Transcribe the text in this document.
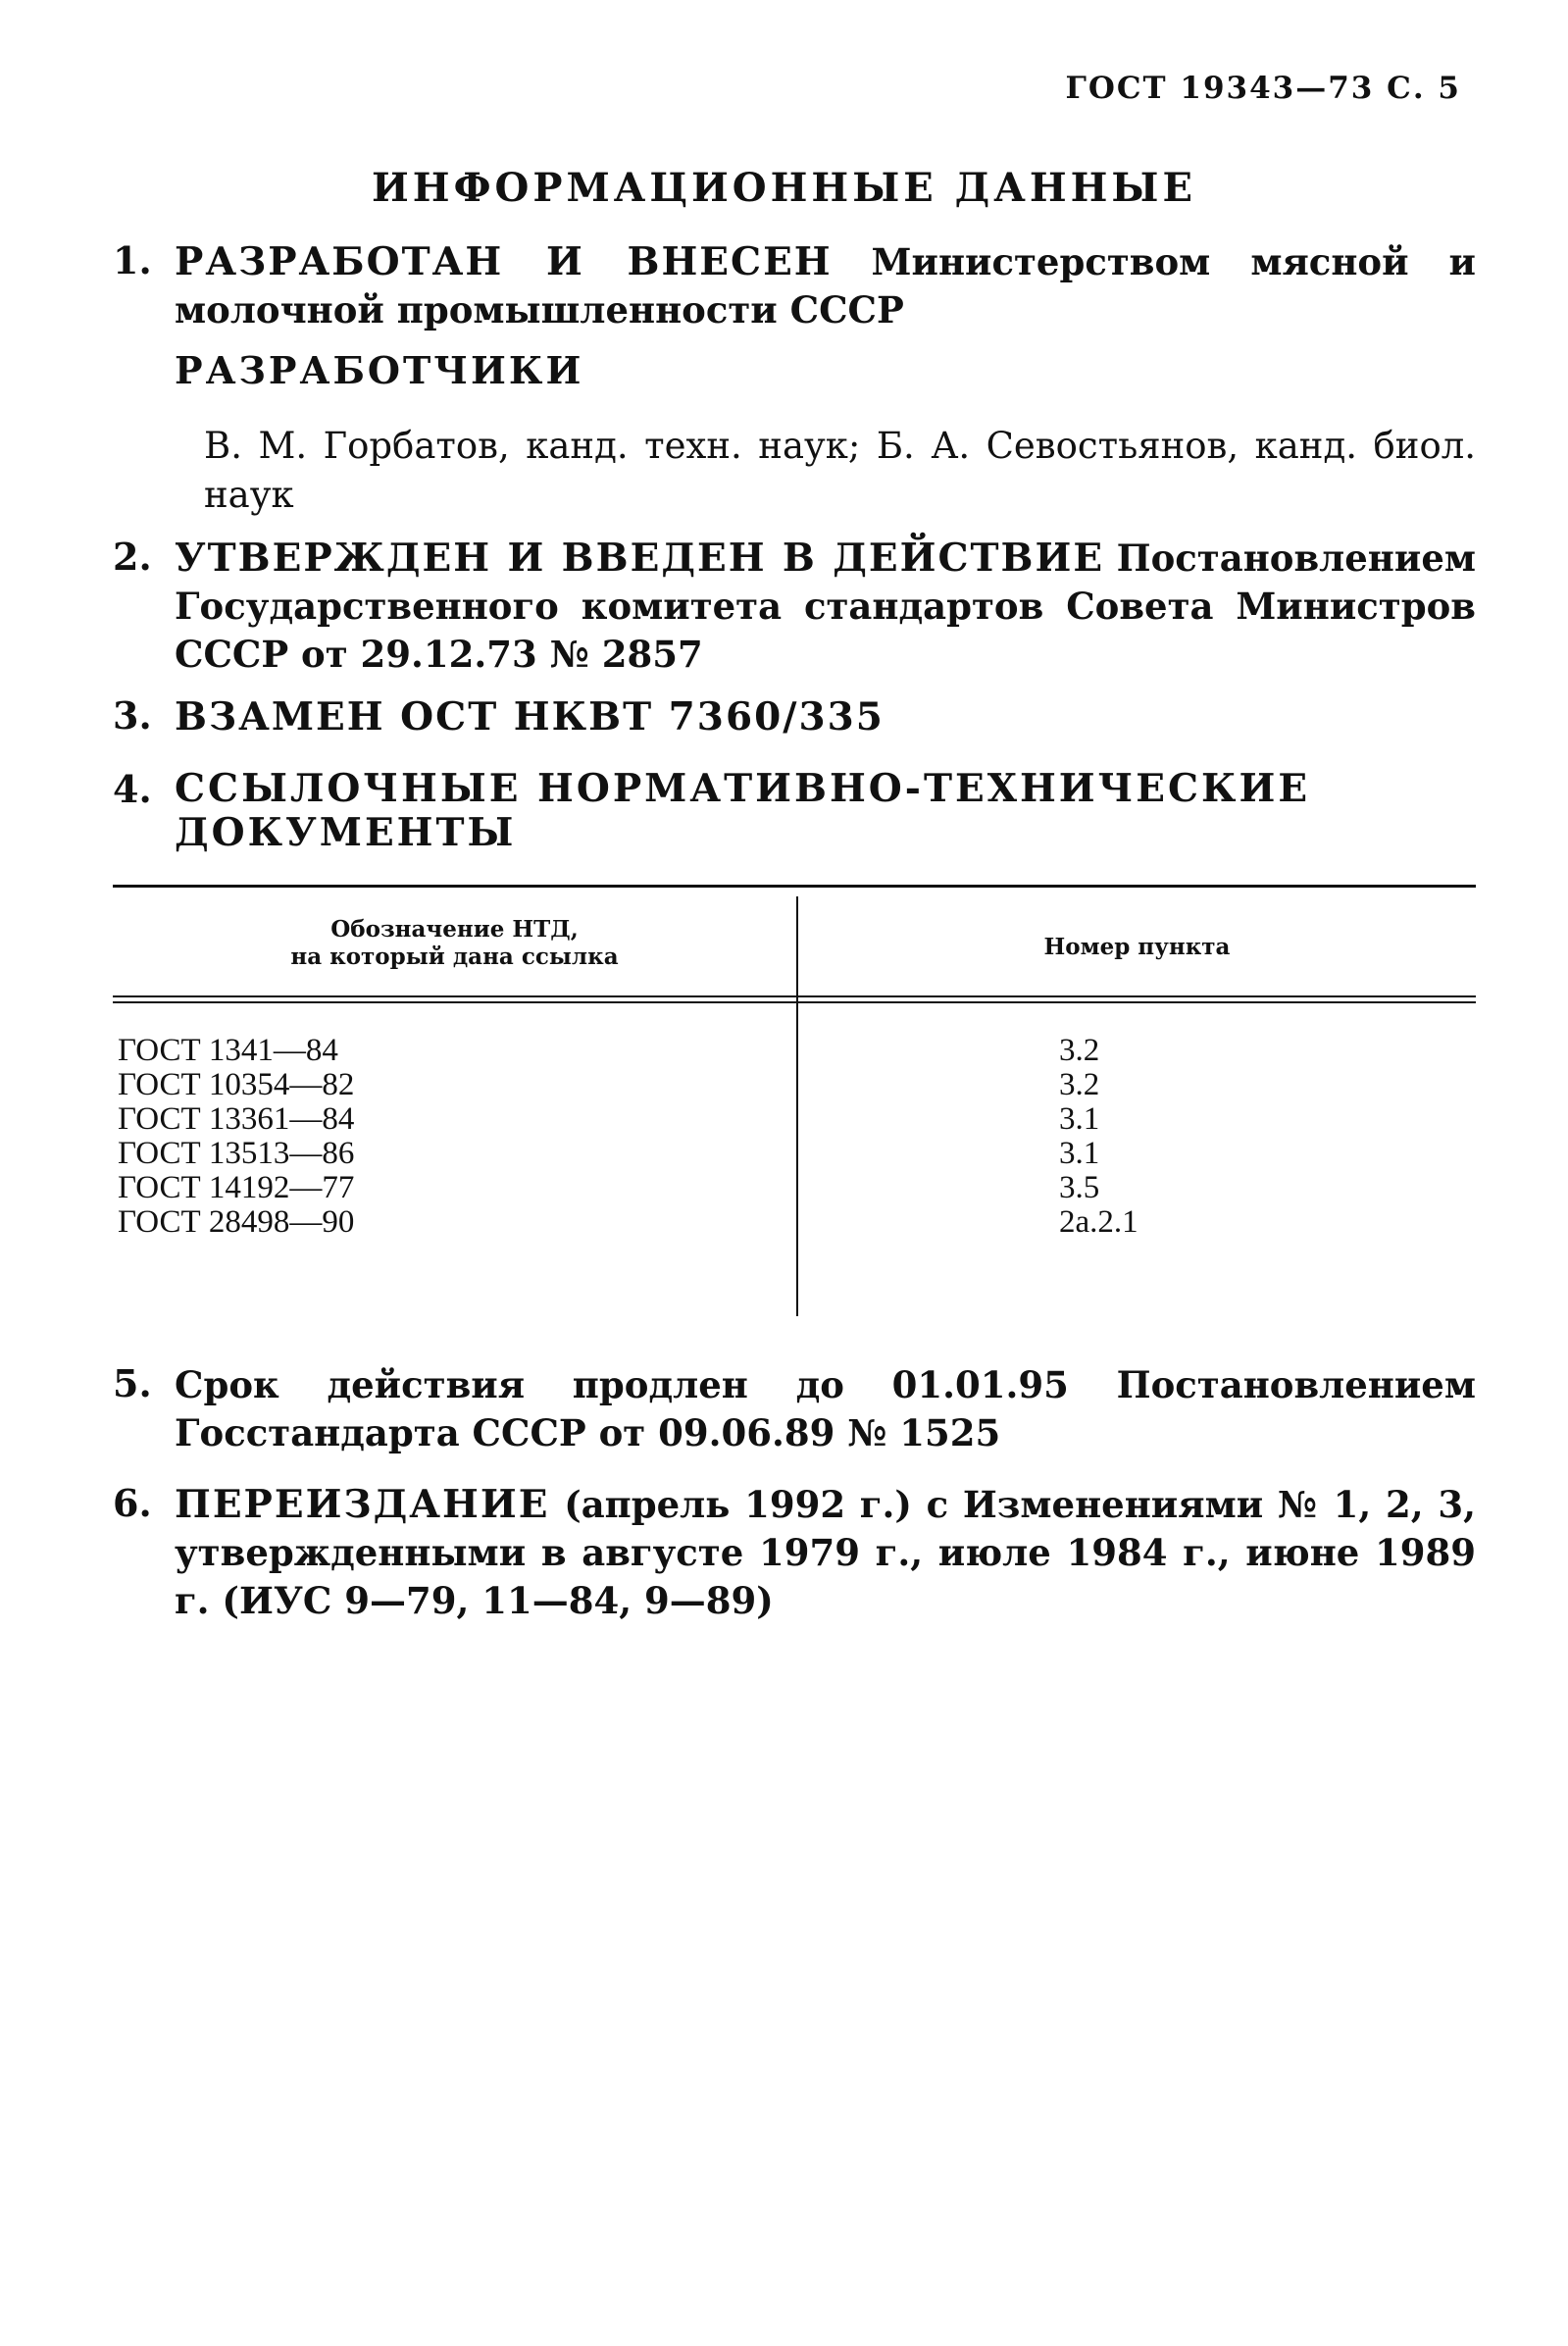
ГОСТ 19343—73 С. 5
ИНФОРМАЦИОННЫЕ ДАННЫЕ
1. РАЗРАБОТАН И ВНЕСЕН Министерством мясной и молочной промышленности СССР
РАЗРАБОТЧИКИ
В. М. Горбатов, канд. техн. наук; Б. А. Севостьянов, канд. биол. наук
2. УТВЕРЖДЕН И ВВЕДЕН В ДЕЙСТВИЕ Постановлением Государственного комитета стандартов Совета Министров СССР от 29.12.73 № 2857
3. ВЗАМЕН ОСТ НКВТ 7360/335
4. ССЫЛОЧНЫЕ НОРМАТИВНО-ТЕХНИЧЕСКИЕ ДОКУМЕНТЫ
Обозначение НТД,
на который дана ссылка	Номер пункта
ГОСТ 1341—84
ГОСТ 10354—82
ГОСТ 13361—84
ГОСТ 13513—86
ГОСТ 14192—77
ГОСТ 28498—90
3.2
3.2
3.1
3.1
3.5
2а.2.1
5. Срок действия продлен до 01.01.95 Постановлением Госстандарта СССР от 09.06.89 № 1525
6. ПЕРЕИЗДАНИЕ (апрель 1992 г.) с Изменениями № 1, 2, 3, утвержденными в августе 1979 г., июле 1984 г., июне 1989 г. (ИУС 9—79, 11—84, 9—89)
